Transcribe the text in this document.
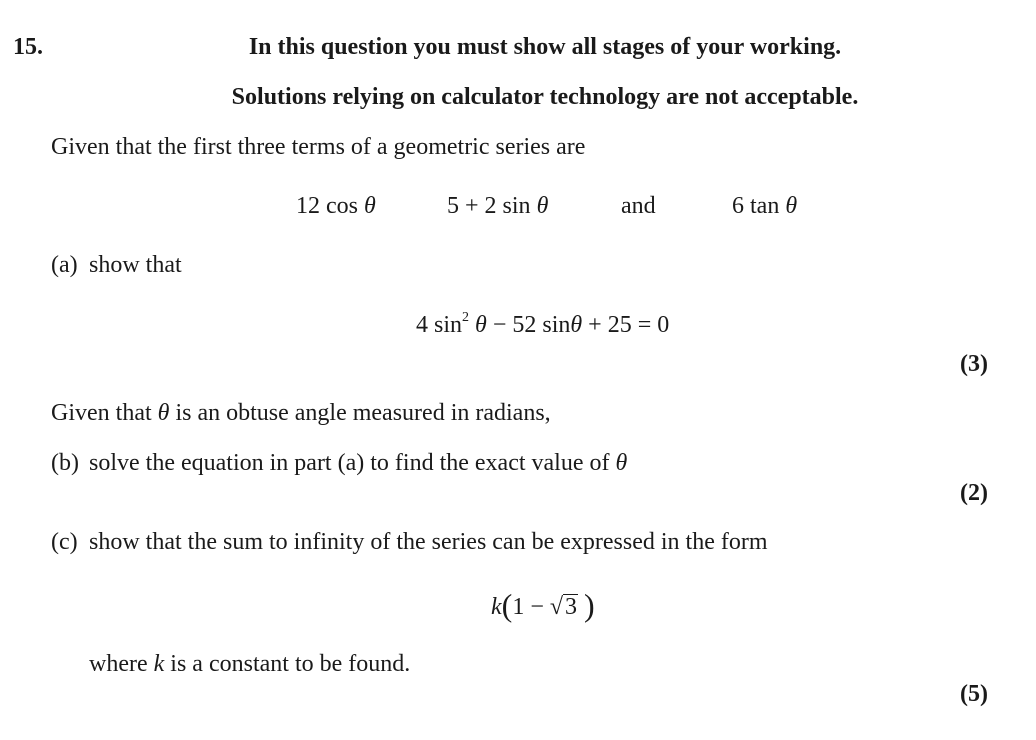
15.	In this question you must show all stages of your working.
Solutions relying on calculator technology are not acceptable.
Given that the first three terms of a geometric series are
12 cos θ	5 + 2 sin θ	and	6 tan θ
(a) show that
4 $\sin^2 \theta - 52$ sinθ + 25 = 0
(3)
Given that θ is an obtuse angle measured in radians,
(b) solve the equation in part (a) to find the exact value of θ
(2)
(c) show that the sum to infinity of the series can be expressed in the form
k(1 − √3 )
where k is a constant to be found.
(5)
